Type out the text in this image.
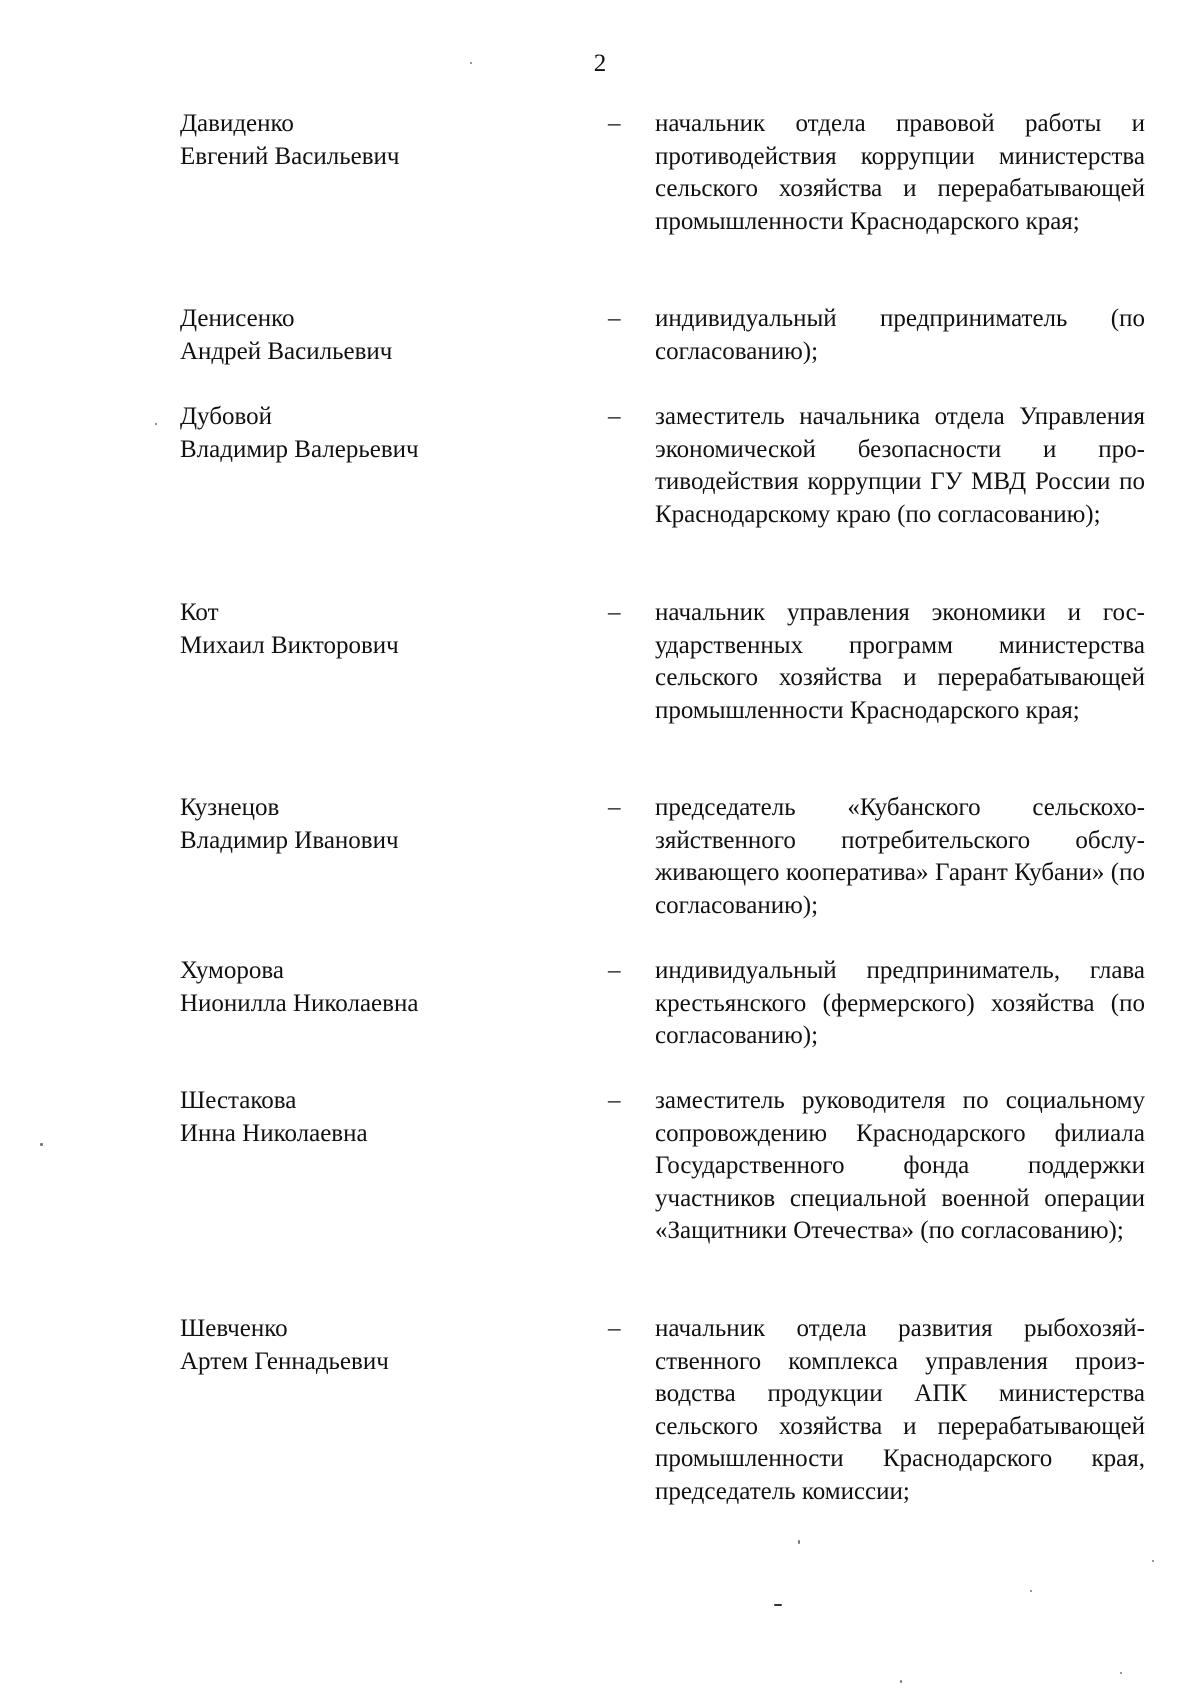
2
Давиденко
Евгений Васильевич
–	начальник отдела правовой работы и противодействия коррупции министерства сельского хозяйства и перерабатывающей промышленности Краснодарского края;
Денисенко
Андрей Васильевич
–	индивидуальный предприниматель (по согласованию);
Дубовой
Владимир Валерьевич
–	заместитель начальника отдела Управления экономической безопасности и противодействия коррупции ГУ МВД России по Краснодарскому краю (по согласованию);
Кот
Михаил Викторович
–	начальник управления экономики и государственных программ министерства сельского хозяйства и перерабатывающей промышленности Краснодарского края;
Кузнецов
Владимир Иванович
–	председатель «Кубанского сельскохозяйственного потребительского обслуживающего кооператива» Гарант Кубани» (по согласованию);
Хуморова
Нионилла Николаевна
–	индивидуальный предприниматель, глава крестьянского (фермерского) хозяйства (по согласованию);
Шестакова
Инна Николаевна
–	заместитель руководителя по социальному сопровождению Краснодарского филиала Государственного фонда поддержки участников специальной военной операции «Защитники Отечества» (по согласованию);
Шевченко
Артем Геннадьевич
–	начальник отдела развития рыбохозяйственного комплекса управления производства продукции АПК министерства сельского хозяйства и перерабатывающей промышленности Краснодарского края, председатель комиссии;
